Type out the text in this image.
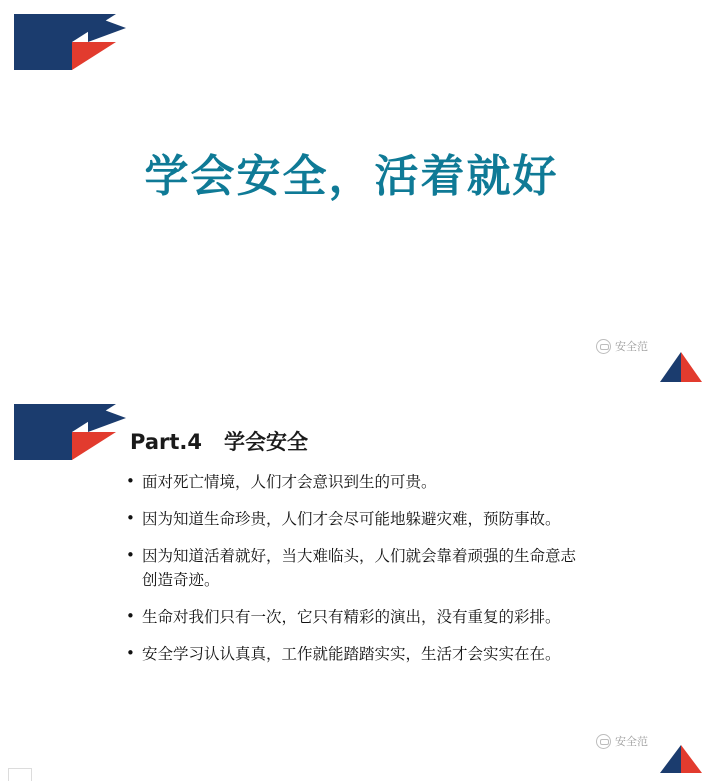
学会安全，活着就好
安全范
Part.4 学会安全
• 面对死亡情境，人们才会意识到生的可贵。
• 因为知道生命珍贵，人们才会尽可能地躲避灾难，预防事故。
• 因为知道活着就好，当大难临头，人们就会靠着顽强的生命意志创造奇迹。
• 生命对我们只有一次，它只有精彩的演出，没有重复的彩排。
• 安全学习认认真真，工作就能踏踏实实，生活才会实实在在。
安全范
